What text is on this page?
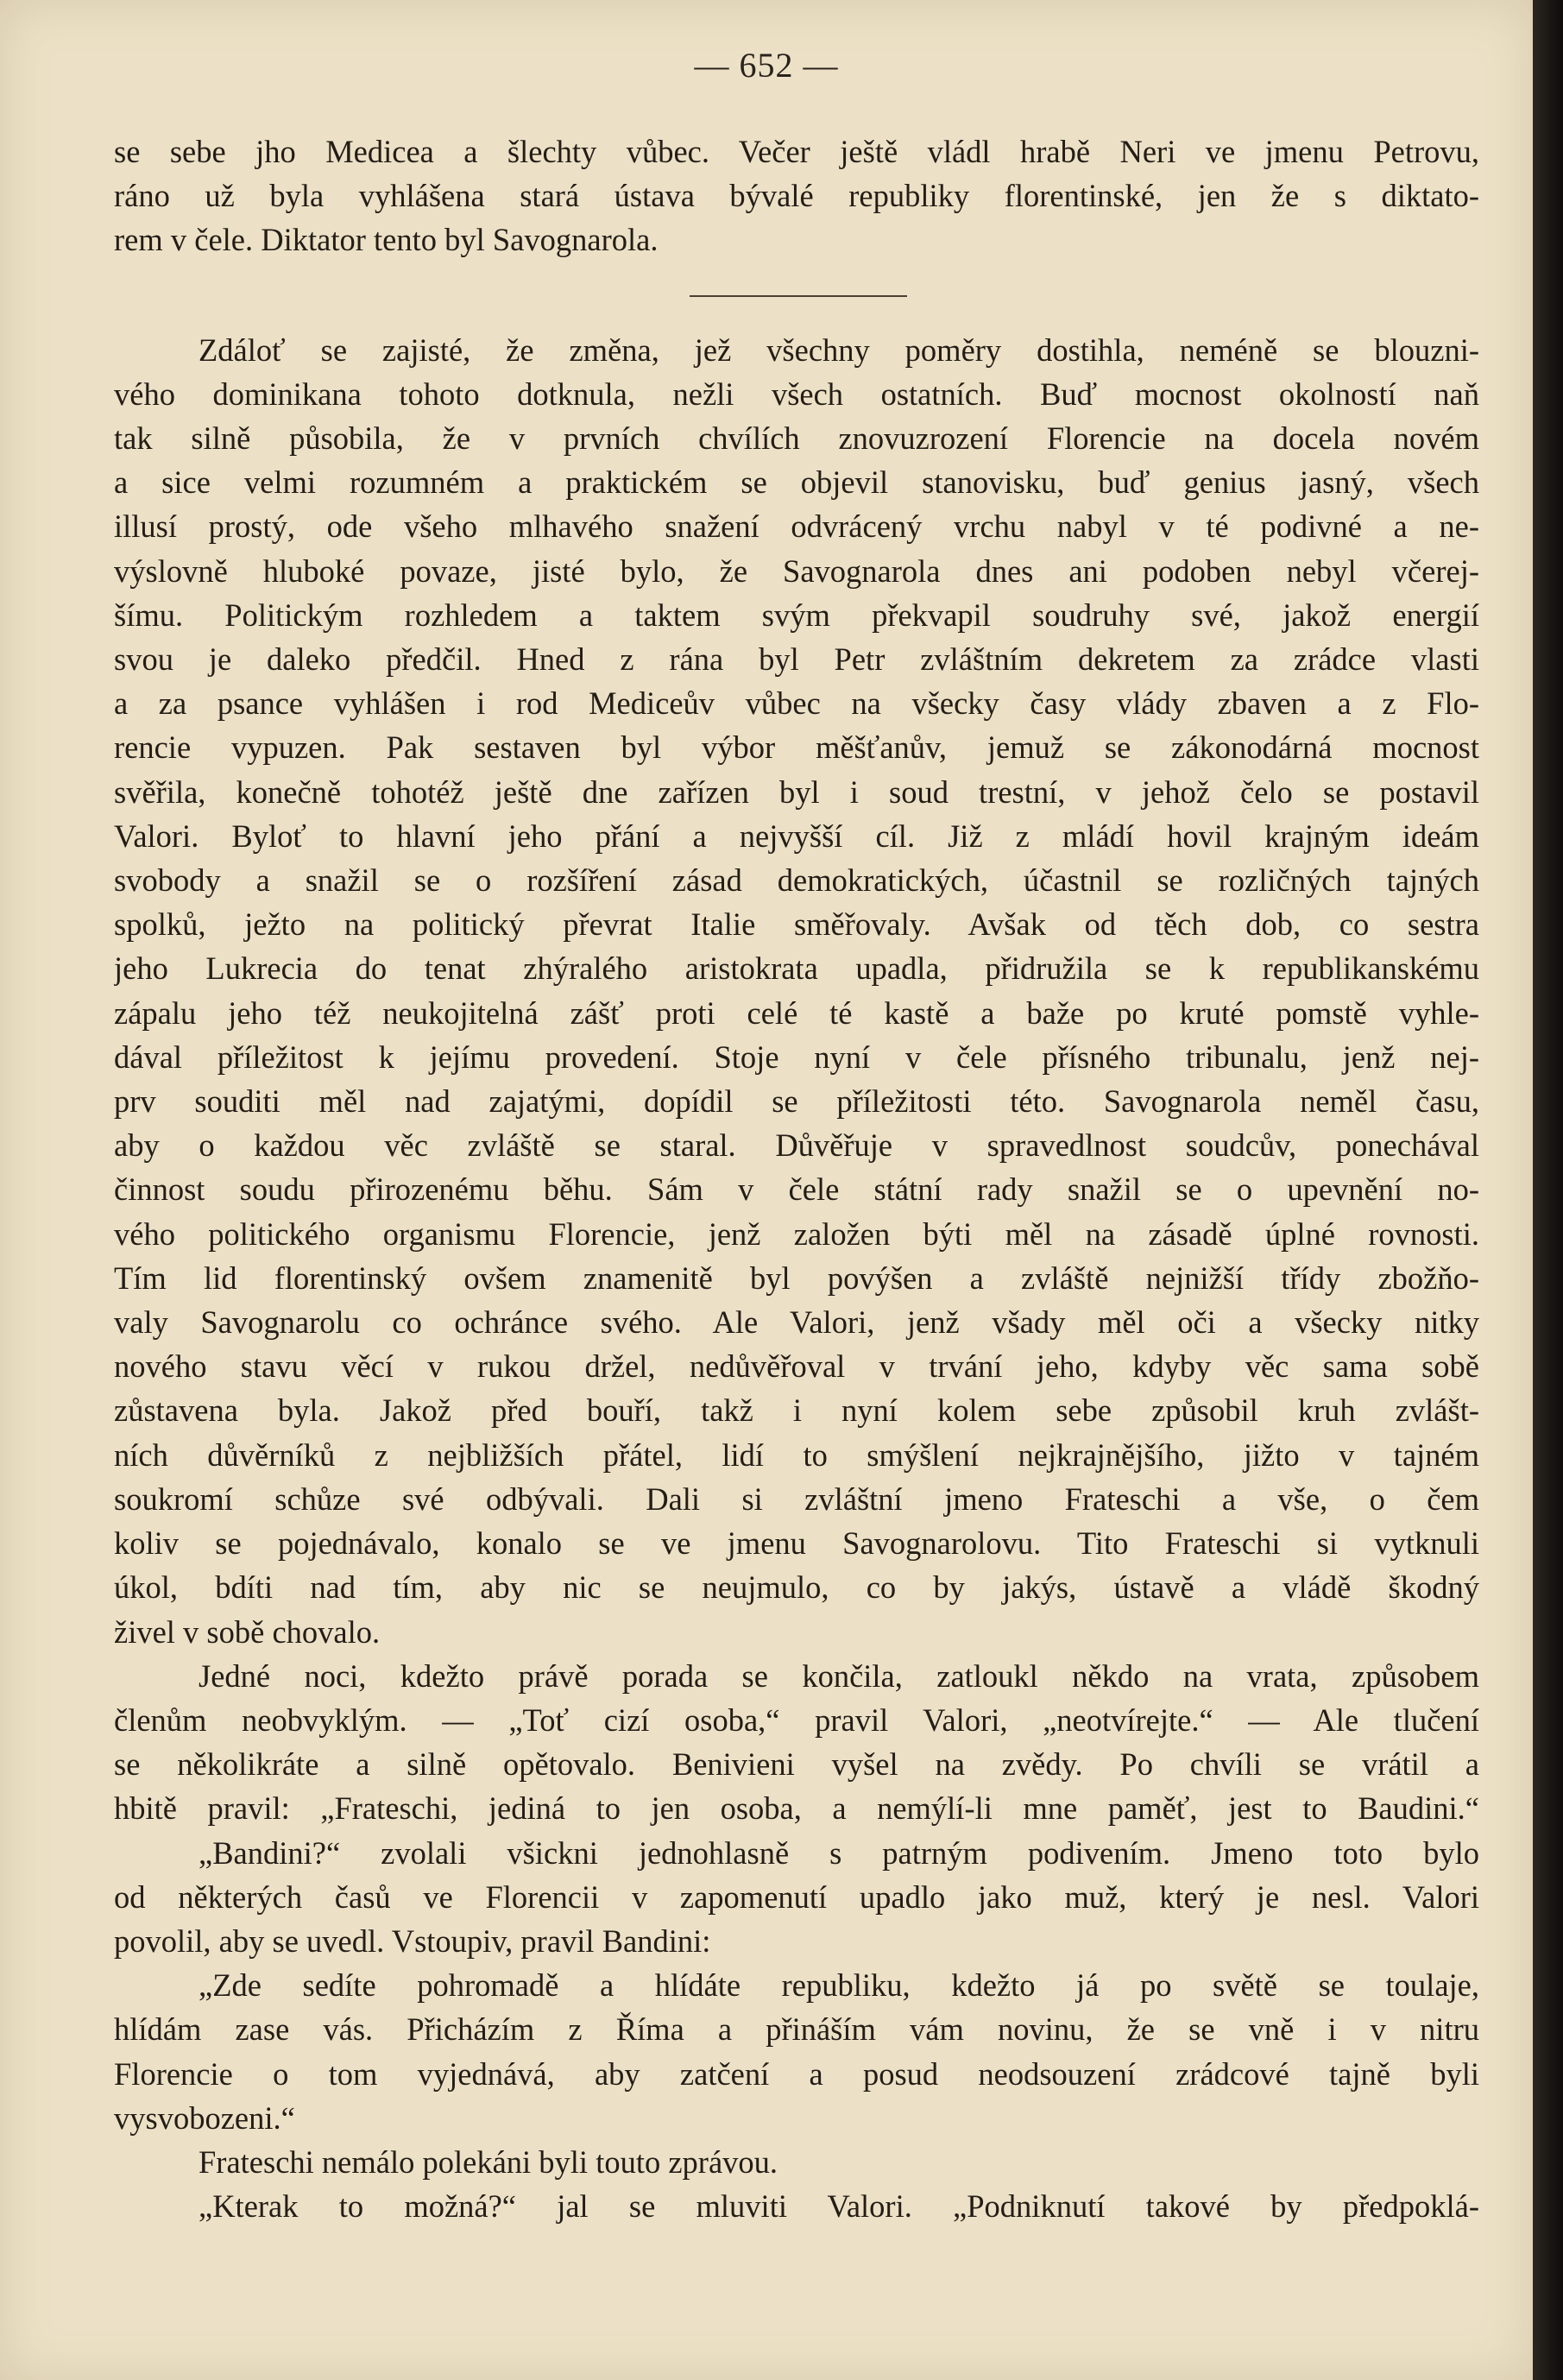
— 652 —

se sebe jho Medicea a šlechty vůbec. Večer ještě vládl hrabě Neri ve jmenu Petrovu,
ráno už byla vyhlášena stará ústava bývalé republiky florentinské, jen že s diktato-
rem v čele. Diktator tento byl Savognarola.
Zdáloť se zajisté, že změna, jež všechny poměry dostihla, neméně se blouzni-
vého dominikana tohoto dotknula, nežli všech ostatních. Buď mocnost okolností naň
tak silně působila, že v prvních chvílích znovuzrození Florencie na docela novém
a sice velmi rozumném a praktickém se objevil stanovisku, buď genius jasný, všech
illusí prostý, ode všeho mlhavého snažení odvrácený vrchu nabyl v té podivné a ne-
výslovně hluboké povaze, jisté bylo, že Savognarola dnes ani podoben nebyl včerej-
šímu. Politickým rozhledem a taktem svým překvapil soudruhy své, jakož energií
svou je daleko předčil. Hned z rána byl Petr zvláštním dekretem za zrádce vlasti
a za psance vyhlášen i rod Mediceův vůbec na všecky časy vlády zbaven a z Flo-
rencie vypuzen. Pak sestaven byl výbor měšťanův, jemuž se zákonodárná mocnost
svěřila, konečně tohotéž ještě dne zařízen byl i soud trestní, v jehož čelo se postavil
Valori. Byloť to hlavní jeho přání a nejvyšší cíl. Již z mládí hovil krajným ideám
svobody a snažil se o rozšíření zásad demokratických, účastnil se rozličných tajných
spolků, ježto na politický převrat Italie směřovaly. Avšak od těch dob, co sestra
jeho Lukrecia do tenat zhýralého aristokrata upadla, přidružila se k republikanskému
zápalu jeho též neukojitelná zášť proti celé té kastě a baže po kruté pomstě vyhle-
dával příležitost k jejímu provedení. Stoje nyní v čele přísného tribunalu, jenž nej-
prv souditi měl nad zajatými, dopídil se příležitosti této. Savognarola neměl času,
aby o každou věc zvláště se staral. Důvěřuje v spravedlnost soudcův, ponechával
činnost soudu přirozenému běhu. Sám v čele státní rady snažil se o upevnění no-
vého politického organismu Florencie, jenž založen býti měl na zásadě úplné rovnosti.
Tím lid florentinský ovšem znamenitě byl povýšen a zvláště nejnižší třídy zbožňo-
valy Savognarolu co ochránce svého. Ale Valori, jenž všady měl oči a všecky nitky
nového stavu věcí v rukou držel, nedůvěřoval v trvání jeho, kdyby věc sama sobě
zůstavena byla. Jakož před bouří, takž i nyní kolem sebe způsobil kruh zvlášt-
ních důvěrníků z nejbližších přátel, lidí to smýšlení nejkrajnějšího, jižto v tajném
soukromí schůze své odbývali. Dali si zvláštní jmeno Frateschi a vše, o čem
koliv se pojednávalo, konalo se ve jmenu Savognarolovu. Tito Frateschi si vytknuli
úkol, bdíti nad tím, aby nic se neujmulo, co by jakýs, ústavě a vládě škodný
živel v sobě chovalo.
Jedné noci, kdežto právě porada se končila, zatloukl někdo na vrata, způsobem
členům neobvyklým. — „Toť cizí osoba,“ pravil Valori, „neotvírejte.“ — Ale tlučení
se několikráte a silně opětovalo. Benivieni vyšel na zvědy. Po chvíli se vrátil a
hbitě pravil: „Frateschi, jediná to jen osoba, a nemýlí-li mne paměť, jest to Baudini.“
„Bandini?“ zvolali všickni jednohlasně s patrným podivením. Jmeno toto bylo
od některých časů ve Florencii v zapomenutí upadlo jako muž, který je nesl. Valori
povolil, aby se uvedl. Vstoupiv, pravil Bandini:
„Zde sedíte pohromadě a hlídáte republiku, kdežto já po světě se toulaje,
hlídám zase vás. Přicházím z Říma a přináším vám novinu, že se vně i v nitru
Florencie o tom vyjednává, aby zatčení a posud neodsouzení zrádcové tajně byli
vysvobozeni.“
Frateschi nemálo polekáni byli touto zprávou.
„Kterak to možná?“ jal se mluviti Valori. „Podniknutí takové by předpoklá-
